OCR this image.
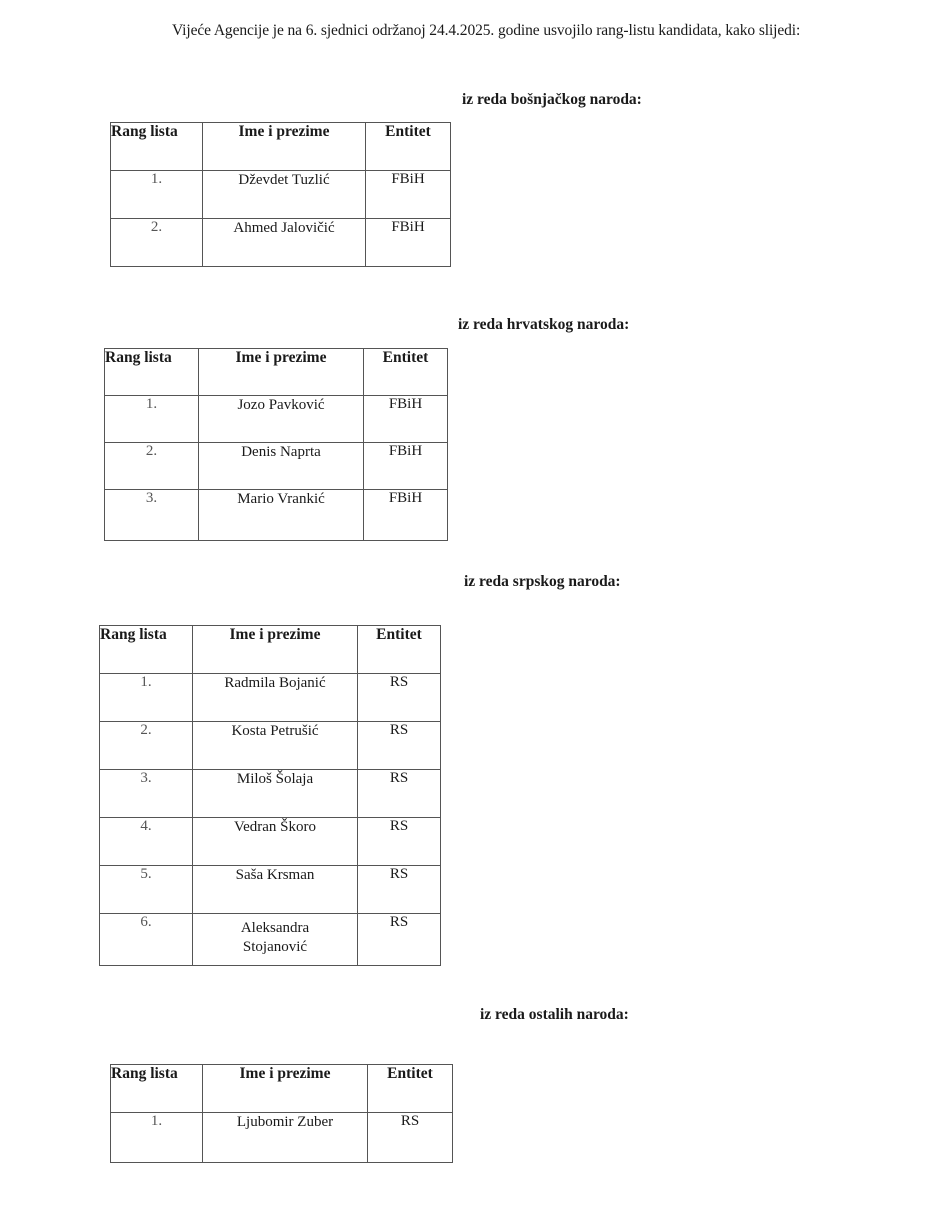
Vijeće Agencije je na 6. sjednici održanoj 24.4.2025. godine usvojilo rang-listu kandidata, kako slijedi:
iz reda bošnjačkog naroda:
Rang lista	Ime i prezime	Entitet
1.	Dževdet Tuzlić	FBiH
2.	Ahmed Jalovičić	FBiH
iz reda hrvatskog naroda:
Rang lista	Ime i prezime	Entitet
1.	Jozo Pavković	FBiH
2.	Denis Naprta	FBiH
3.	Mario Vrankić	FBiH
iz reda srpskog naroda:
Rang lista	Ime i prezime	Entitet
1.	Radmila Bojanić	RS
2.	Kosta Petrušić	RS
3.	Miloš Šolaja	RS
4.	Vedran Škoro	RS
5.	Saša Krsman	RS
6.	Aleksandra Stojanović	RS
iz reda ostalih naroda:
Rang lista	Ime i prezime	Entitet
1.	Ljubomir Zuber	RS
